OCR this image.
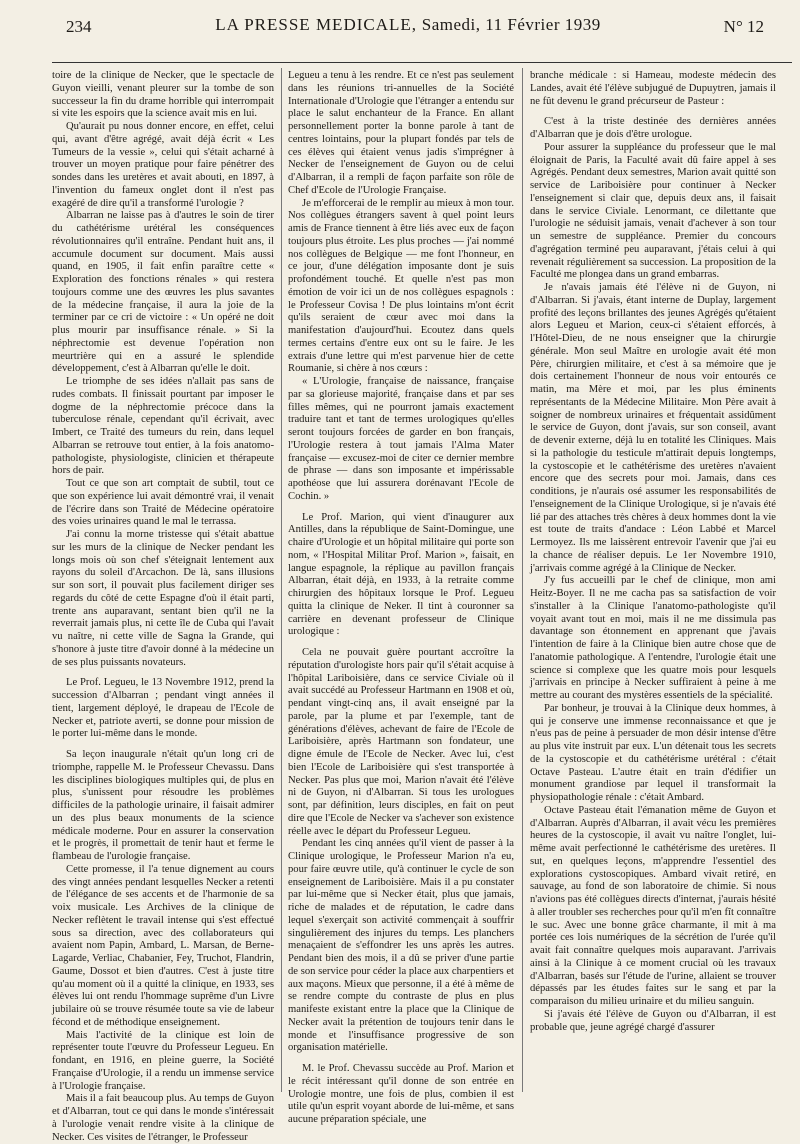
234	LA PRESSE MEDICALE, Samedi, 11 Février 1939	N° 12

toire de la clinique de Necker, que le spectacle de Guyon vieilli, venant pleurer sur la tombe de son successeur la fin du drame horrible qui interrompait si vite les espoirs que la science avait mis en lui.

Qu'aurait pu nous donner encore, en effet, celui qui, avant d'être agrégé, avait déjà écrit « Les Tumeurs de la vessie », celui qui s'était acharné à trouver un moyen pratique pour faire pénétrer des sondes dans les uretères et avait abouti, en 1897, à l'invention du fameux onglet dont il n'est pas exagéré de dire qu'il a transformé l'urologie ?

Albarran ne laisse pas à d'autres le soin de tirer du cathétérisme urétéral les conséquences révolutionnaires qu'il entraîne. Pendant huit ans, il accumule document sur document. Mais aussi quand, en 1905, il fait enfin paraître cette « Exploration des fonctions rénales » qui restera toujours comme une des œuvres les plus savantes de la médecine française, il aura la joie de la terminer par ce cri de victoire : « Un opéré ne doit plus mourir par insuffisance rénale. » Si la néphrectomie est devenue l'opération non meurtrière qui en a assuré le splendide développement, c'est à Albarran qu'elle le doit.

Le triomphe de ses idées n'allait pas sans de rudes combats. Il finissait pourtant par imposer le dogme de la néphrectomie précoce dans la tuberculose rénale, cependant qu'il écrivait, avec Imbert, ce Traité des tumeurs du rein, dans lequel Albarran se retrouve tout entier, à la fois anatomo-pathologiste, physiologiste, clinicien et thérapeute hors de pair.

Tout ce que son art comptait de subtil, tout ce que son expérience lui avait démontré vrai, il venait de l'écrire dans son Traité de Médecine opératoire des voies urinaires quand le mal le terrassa.

J'ai connu la morne tristesse qui s'était abattue sur les murs de la clinique de Necker pendant les longs mois où son chef s'éteignait lentement aux rayons du soleil d'Arcachon. De là, sans illusions sur son sort, il pouvait plus facilement diriger ses regards du côté de cette Espagne d'où il était parti, trente ans auparavant, sentant bien qu'il ne la reverrait jamais plus, ni cette île de Cuba qui l'avait vu naître, ni cette ville de Sagna la Grande, qui s'honore à juste titre d'avoir donné à la médecine un de ses plus puissants novateurs.

Le Prof. Legueu, le 13 Novembre 1912, prend la succession d'Albarran ; pendant vingt années il tient, largement déployé, le drapeau de l'Ecole de Necker et, patriote averti, se donne pour mission de le porter lui-même dans le monde.

Sa leçon inaugurale n'était qu'un long cri de triomphe, rappelle M. le Professeur Chevassu. Dans les disciplines biologiques multiples qui, de plus en plus, s'unissent pour résoudre les problèmes difficiles de la pathologie urinaire, il faisait admirer un des plus beaux monuments de la science médicale moderne. Pour en assurer la conservation et le progrès, il promettait de tenir haut et ferme le flambeau de l'urologie française.

Cette promesse, il l'a tenue dignement au cours des vingt années pendant lesquelles Necker a retenti de l'élégance de ses accents et de l'harmonie de sa voix musicale. Les Archives de la clinique de Necker reflètent le travail intense qui s'est effectué sous sa direction, avec des collaborateurs qui avaient nom Papin, Ambard, L. Marsan, de Berne-Lagarde, Verliac, Chabanier, Fey, Truchot, Flandrin, Gaume, Dossot et bien d'autres. C'est à juste titre qu'au moment où il a quitté la clinique, en 1933, ses élèves lui ont rendu l'hommage suprême d'un Livre jubilaire où se trouve résumée toute sa vie de labeur fécond et de méthodique enseignement.

Mais l'activité de la clinique est loin de représenter toute l'œuvre du Professeur Legueu. En fondant, en 1916, en pleine guerre, la Société Française d'Urologie, il a rendu un immense service à l'Urologie française.

Mais il a fait beaucoup plus. Au temps de Guyon et d'Albarran, tout ce qui dans le monde s'intéressait à l'urologie venait rendre visite à la clinique de Necker. Ces visites de l'étranger, le Professeur

Legueu a tenu à les rendre. Et ce n'est pas seulement dans les réunions tri-annuelles de la Société Internationale d'Urologie que l'étranger a entendu sur place le salut enchanteur de la France. En allant personnellement porter la bonne parole à tant de centres lointains, pour la plupart fondés par tels de ces élèves qui étaient venus jadis s'imprégner à Necker de l'enseignement de Guyon ou de celui d'Albarran, il a rempli de façon parfaite son rôle de Chef d'Ecole de l'Urologie Française.

Je m'efforcerai de le remplir au mieux à mon tour. Nos collègues étrangers savent à quel point leurs amis de France tiennent à être liés avec eux de façon toujours plus étroite. Les plus proches — j'ai nommé nos collègues de Belgique — me font l'honneur, en ce jour, d'une délégation imposante dont je suis profondément touché. Et quelle n'est pas mon émotion de voir ici un de nos collègues espagnols : le Professeur Covisa ! De plus lointains m'ont écrit qu'ils seraient de cœur avec moi dans la manifestation d'aujourd'hui. Ecoutez dans quels termes certains d'entre eux ont su le faire. Je les extrais d'une lettre qui m'est parvenue hier de cette Roumanie, si chère à nos cœurs :

« L'Urologie, française de naissance, française par sa glorieuse majorité, française dans et par ses filles mêmes, qui ne pourront jamais exactement traduire tant et tant de termes urologiques qu'elles seront toujours forcées de garder en bon français, l'Urologie restera à tout jamais l'Alma Mater française — excusez-moi de citer ce dernier membre de phrase — dans son imposante et impérissable apothéose que lui assurera dorénavant l'Ecole de Cochin. »

Le Prof. Marion, qui vient d'inaugurer aux Antilles, dans la république de Saint-Domingue, une chaire d'Urologie et un hôpital militaire qui porte son nom, « l'Hospital Militar Prof. Marion », faisait, en langue espagnole, la réplique au pavillon français Albarran, était déjà, en 1933, à la retraite comme chirurgien des hôpitaux lorsque le Prof. Legueu quitta la clinique de Neker. Il tint à couronner sa carrière en devenant professeur de Clinique urologique :

Cela ne pouvait guère pourtant accroître la réputation d'urologiste hors pair qu'il s'était acquise à l'hôpital Lariboisière, dans ce service Civiale où il avait succédé au Professeur Hartmann en 1908 et où, pendant vingt-cinq ans, il avait enseigné par la parole, par la plume et par l'exemple, tant de générations d'élèves, achevant de faire de l'Ecole de Lariboisière, après Hartmann son fondateur, une digne émule de l'Ecole de Necker. Avec lui, c'est bien l'Ecole de Lariboisière qui s'est transportée à Necker. Pas plus que moi, Marion n'avait été l'élève ni de Guyon, ni d'Albarran. Si tous les urologues sont, par définition, leurs disciples, en fait on peut dire que l'Ecole de Necker va s'achever son existence réelle avec le départ du Professeur Legueu.

Pendant les cinq années qu'il vient de passer à la Clinique urologique, le Professeur Marion n'a eu, pour faire œuvre utile, qu'à continuer le cycle de son enseignement de Lariboisière. Mais il a pu constater par lui-même que si Necker était, plus que jamais, riche de malades et de réputation, le cadre dans lequel s'exerçait son activité commençait à souffrir singulièrement des injures du temps. Les planchers menaçaient de s'effondrer les uns après les autres. Pendant bien des mois, il a dû se priver d'une partie de son service pour céder la place aux charpentiers et aux maçons. Mieux que personne, il a été à même de se rendre compte du contraste de plus en plus manifeste existant entre la place que la Clinique de Necker avait la prétention de toujours tenir dans le monde et l'insuffisance progressive de son organisation matérielle.

M. le Prof. Chevassu succède au Prof. Marion et le récit intéressant qu'il donne de son entrée en Urologie montre, une fois de plus, combien il est utile qu'un esprit voyant aborde de lui-même, et sans aucune préparation spéciale, une

branche médicale : si Hameau, modeste médecin des Landes, avait été l'élève subjugué de Dupuytren, jamais il ne fût devenu le grand précurseur de Pasteur :

C'est à la triste destinée des dernières années d'Albarran que je dois d'être urologue.

Pour assurer la suppléance du professeur que le mal éloignait de Paris, la Faculté avait dû faire appel à ses Agrégés. Pendant deux semestres, Marion avait quitté son service de Lariboisière pour continuer à Necker l'enseignement si clair que, depuis deux ans, il faisait dans le service Civiale. Lenormant, ce dilettante que l'urologie ne séduisit jamais, venait d'achever à son tour un semestre de suppléance. Premier du concours d'agrégation terminé peu auparavant, j'étais celui à qui revenait régulièrement sa succession. La proposition de la Faculté me plongea dans un grand embarras.

Je n'avais jamais été l'élève ni de Guyon, ni d'Albarran. Si j'avais, étant interne de Duplay, largement profité des leçons brillantes des jeunes Agrégés qu'étaient alors Legueu et Marion, ceux-ci s'étaient efforcés, à l'Hôtel-Dieu, de ne nous enseigner que la chirurgie générale. Mon seul Maître en urologie avait été mon Père, chirurgien militaire, et c'est à sa mémoire que je dois certainement l'honneur de nous voir entourés ce matin, ma Mère et moi, par les plus éminents représentants de la Médecine Militaire. Mon Père avait à soigner de nombreux urinaires et fréquentait assidûment le service de Guyon, dont j'avais, sur son conseil, avant de devenir externe, déjà lu en totalité les Cliniques. Mais si la pathologie du testicule m'attirait depuis longtemps, la cystoscopie et le cathétérisme des uretères n'avaient encore que des secrets pour moi. Jamais, dans ces conditions, je n'aurais osé assumer les responsabilités de l'enseignement de la Clinique Urologique, si je n'avais été lié par des attaches très chères à deux hommes dont la vie est toute de traits d'andace : Léon Labbé et Marcel Lermoyez. Ils me laissèrent entrevoir l'avenir que j'ai eu la chance de réaliser depuis. Le 1er Novembre 1910, j'arrivais comme agrégé à la Clinique de Necker.

J'y fus accueilli par le chef de clinique, mon ami Heitz-Boyer. Il ne me cacha pas sa satisfaction de voir s'installer à la Clinique l'anatomo-pathologiste qu'il voyait avant tout en moi, mais il ne me dissimula pas davantage son étonnement en apprenant que j'avais l'intention de faire à la Clinique bien autre chose que de l'anatomie pathologique. A l'entendre, l'urologie était une science si complexe que les quatre mois pour lesquels j'arrivais en principe à Necker suffiraient à peine à me mettre au courant des mystères essentiels de la spécialité.

Par bonheur, je trouvai à la Clinique deux hommes, à qui je conserve une immense reconnaissance et que je n'eus pas de peine à persuader de mon désir intense d'être au plus vite instruit par eux. L'un détenait tous les secrets de la cystoscopie et du cathétérisme urétéral : c'était Octave Pasteau. L'autre était en train d'édifier un monument grandiose par lequel il transformait la physiopathologie rénale : c'était Ambard.

Octave Pasteau était l'émanation même de Guyon et d'Albarran. Auprès d'Albarran, il avait vécu les premières heures de la cystoscopie, il avait vu naître l'onglet, lui-même avait perfectionné le cathétérisme des uretères. Il sut, en quelques leçons, m'apprendre l'essentiel des explorations cystoscopiques. Ambard vivait retiré, en sauvage, au fond de son laboratoire de chimie. Si nous n'avions pas été collègues directs d'internat, j'aurais hésité à aller troubler ses recherches pour qu'il m'en fît connaître le suc. Avec une bonne grâce charmante, il mit à ma portée ces lois numériques de la sécrétion de l'urée qu'il avait fait connaître quelques mois auparavant. J'arrivais ainsi à la Clinique à ce moment crucial où les travaux d'Albarran, basés sur l'étude de l'urine, allaient se trouver dépassés par les études faites sur le sang et par la comparaison du milieu urinaire et du milieu sanguin.

Si j'avais été l'élève de Guyon ou d'Albarran, il est probable que, jeune agrégé chargé d'assurer
